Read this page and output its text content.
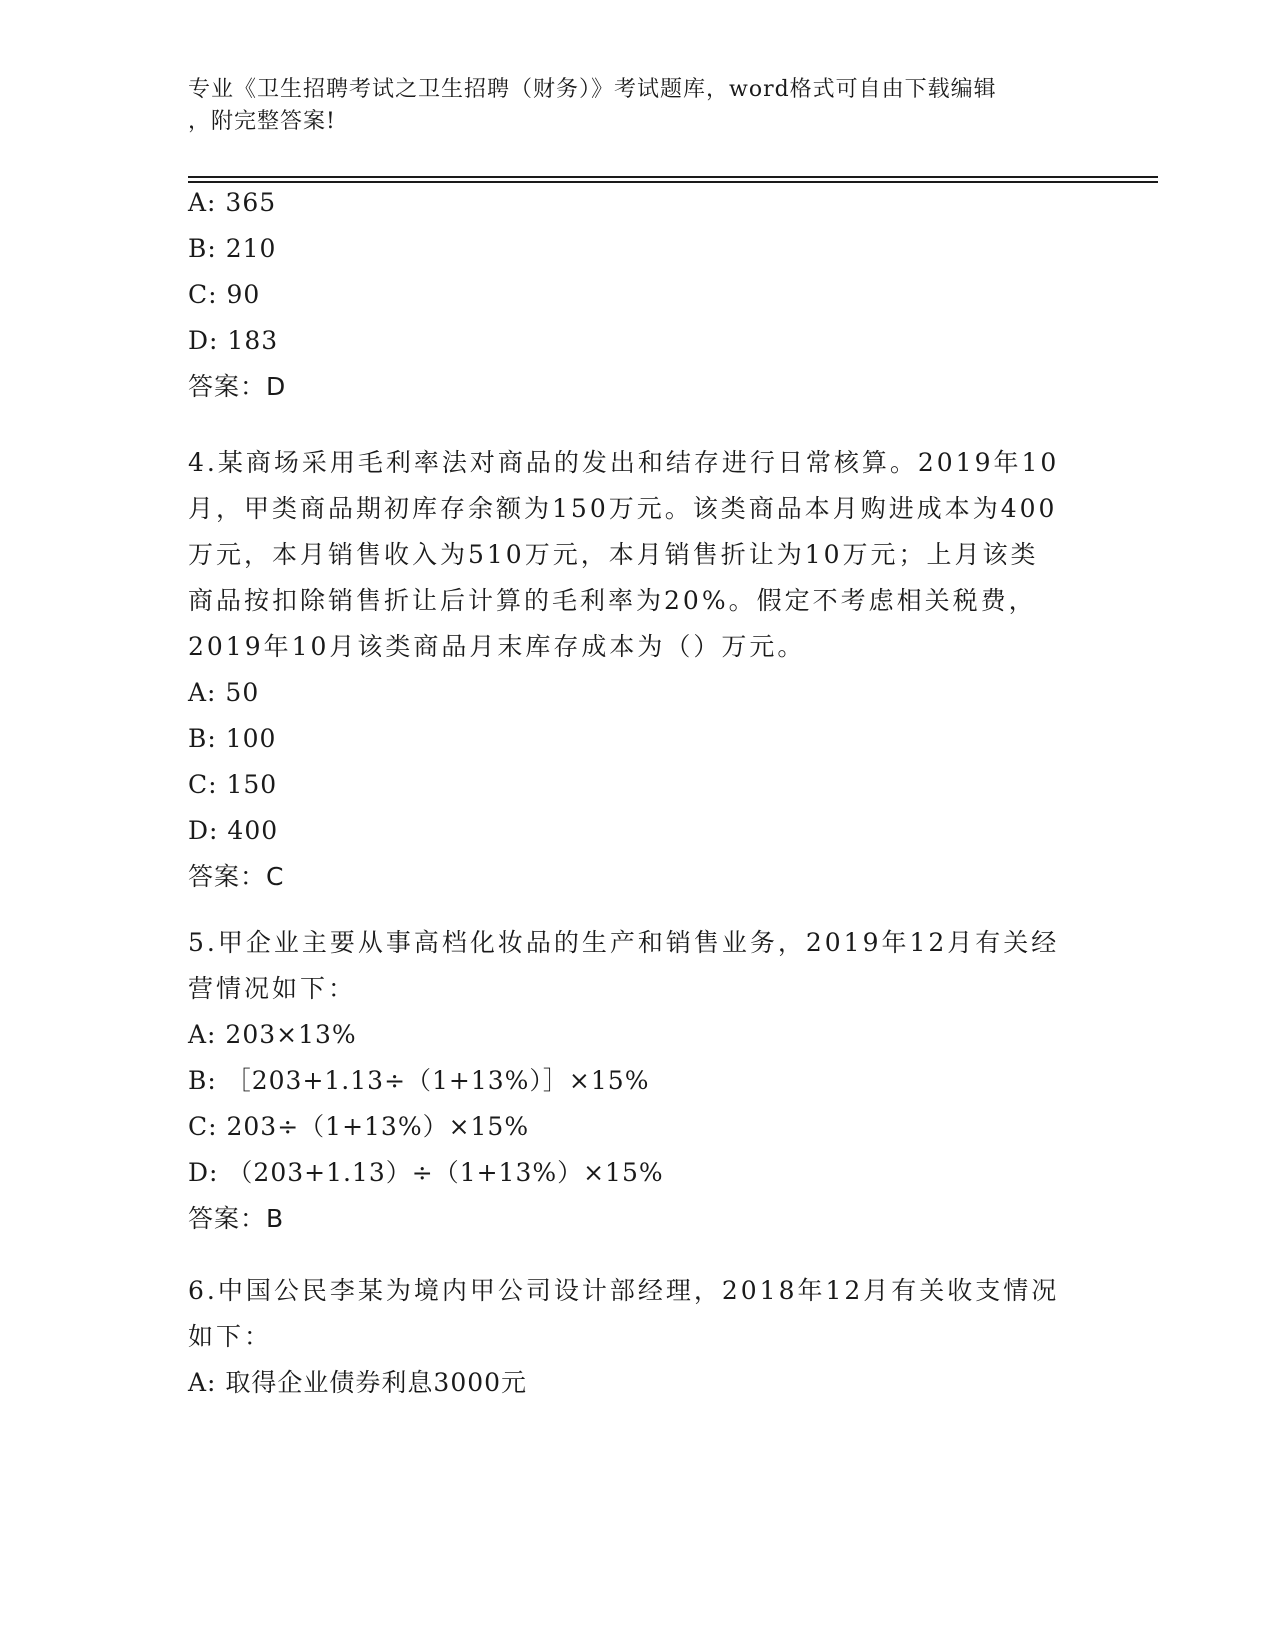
专业《卫生招聘考试之卫生招聘（财务）》考试题库，word格式可自由下载编辑
，附完整答案!
A: 365
B: 210
C: 90
D: 183
答案：D
4.某商场采用毛利率法对商品的发出和结存进行日常核算。2019年10
月，甲类商品期初库存余额为150万元。该类商品本月购进成本为400
万元，本月销售收入为510万元，本月销售折让为10万元；上月该类
商品按扣除销售折让后计算的毛利率为20%。假定不考虑相关税费，
2019年10月该类商品月末库存成本为（）万元。
A: 50
B: 100
C: 150
D: 400
答案：C
5.甲企业主要从事高档化妆品的生产和销售业务，2019年12月有关经
营情况如下：
A: 203×13%
B: ［203+1.13÷（1+13%）］×15%
C: 203÷（1+13%）×15%
D: （203+1.13）÷（1+13%）×15%
答案：B
6.中国公民李某为境内甲公司设计部经理，2018年12月有关收支情况
如下：
A: 取得企业债券利息3000元
